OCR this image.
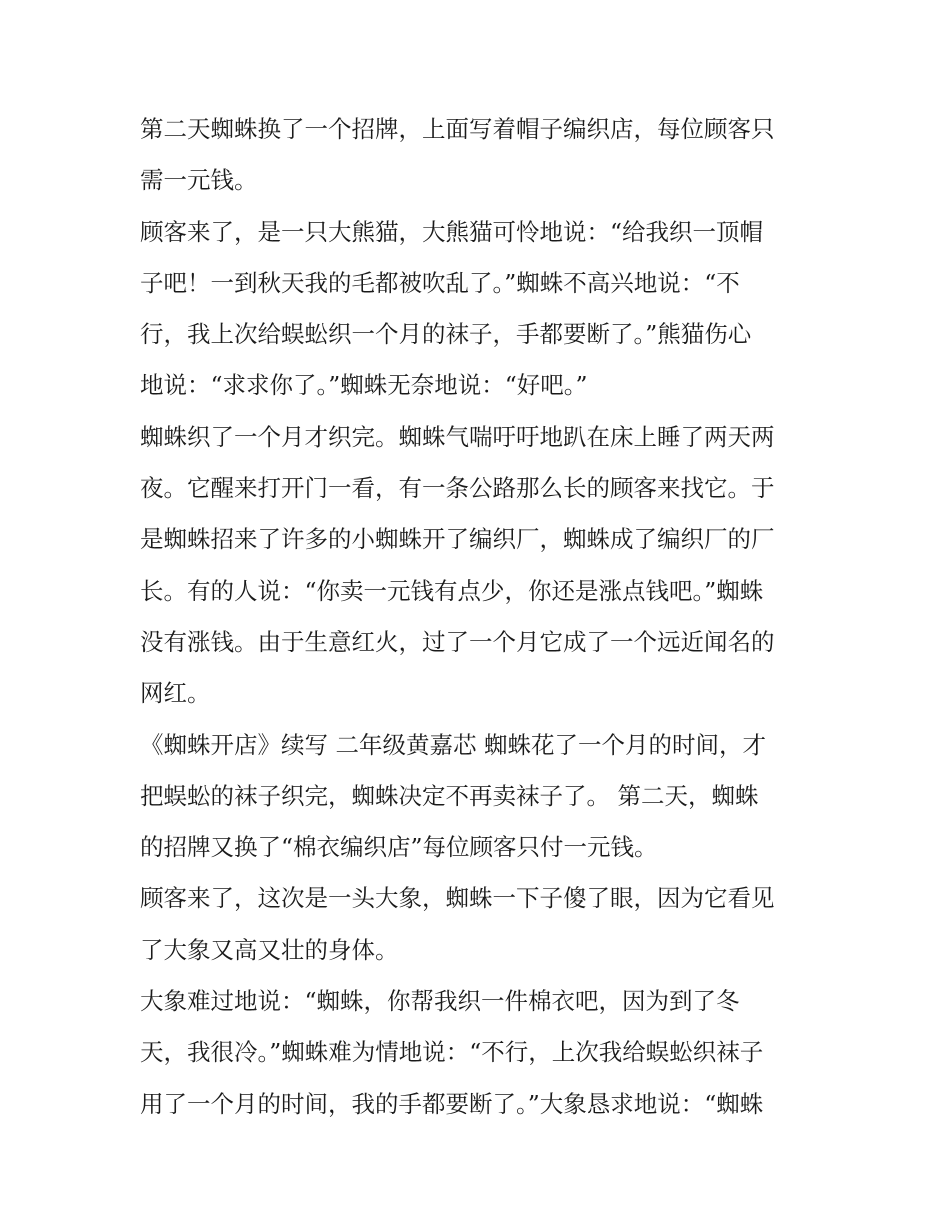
第二天蜘蛛换了一个招牌，上面写着帽子编织店，每位顾客只
需一元钱。
顾客来了，是一只大熊猫，大熊猫可怜地说：“给我织一顶帽
子吧！一到秋天我的毛都被吹乱了。”蜘蛛不高兴地说：“不
行，我上次给蜈蚣织一个月的袜子，手都要断了。”熊猫伤心
地说：“求求你了。”蜘蛛无奈地说：“好吧。”
蜘蛛织了一个月才织完。蜘蛛气喘吁吁地趴在床上睡了两天两
夜。它醒来打开门一看，有一条公路那么长的顾客来找它。于
是蜘蛛招来了许多的小蜘蛛开了编织厂，蜘蛛成了编织厂的厂
长。有的人说：“你卖一元钱有点少，你还是涨点钱吧。”蜘蛛
没有涨钱。由于生意红火，过了一个月它成了一个远近闻名的
网红。
《蜘蛛开店》续写 二年级黄嘉芯 蜘蛛花了一个月的时间，才
把蜈蚣的袜子织完，蜘蛛决定不再卖袜子了。 第二天，蜘蛛
的招牌又换了“棉衣编织店”每位顾客只付一元钱。
顾客来了，这次是一头大象，蜘蛛一下子傻了眼，因为它看见
了大象又高又壮的身体。
大象难过地说：“蜘蛛，你帮我织一件棉衣吧，因为到了冬
天，我很冷。”蜘蛛难为情地说：“不行，上次我给蜈蚣织袜子
用了一个月的时间，我的手都要断了。”大象恳求地说：“蜘蛛
